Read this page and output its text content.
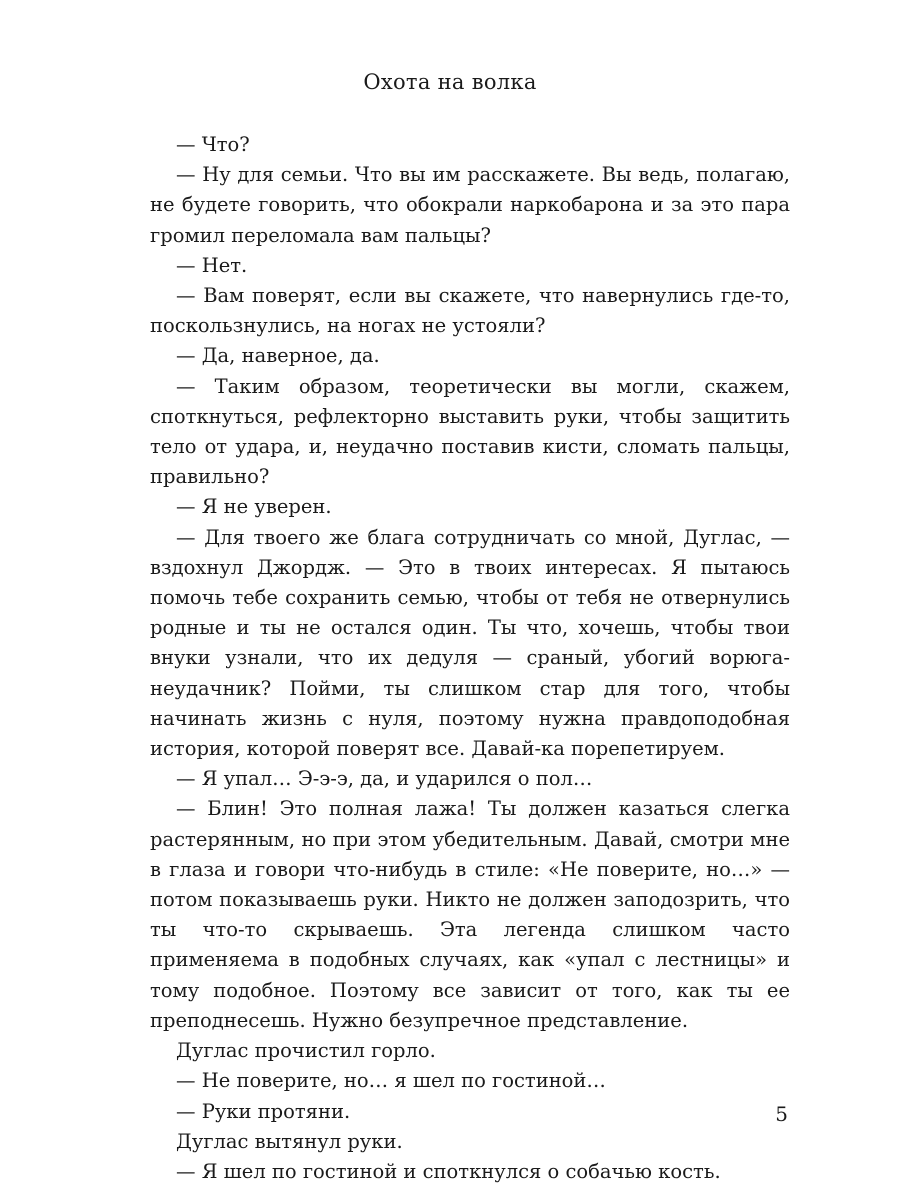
Охота на волка

— Что?

— Ну для семьи. Что вы им расскажете. Вы ведь, полагаю, не будете говорить, что обокрали наркобарона и за это пара громил переломала вам пальцы?

— Нет.

— Вам поверят, если вы скажете, что навернулись где-то, поскользнулись, на ногах не устояли?

— Да, наверное, да.

— Таким образом, теоретически вы могли, скажем, споткнуться, рефлекторно выставить руки, чтобы защитить тело от удара, и, неудачно поставив кисти, сломать пальцы, правильно?

— Я не уверен.

— Для твоего же блага сотрудничать со мной, Дуглас, — вздохнул Джордж. — Это в твоих интересах. Я пытаюсь помочь тебе сохранить семью, чтобы от тебя не отвернулись родные и ты не остался один. Ты что, хочешь, чтобы твои внуки узнали, что их дедуля — сраный, убогий ворюга-неудачник? Пойми, ты слишком стар для того, чтобы начинать жизнь с нуля, поэтому нужна правдоподобная история, которой поверят все. Давай-ка порепетируем.

— Я упал… Э-э-э, да, и ударился о пол…

— Блин! Это полная лажа! Ты должен казаться слегка растерянным, но при этом убедительным. Давай, смотри мне в глаза и говори что-нибудь в стиле: «Не поверите, но…» — потом показываешь руки. Никто не должен заподозрить, что ты что-то скрываешь. Эта легенда слишком часто применяема в подобных случаях, как «упал с лестницы» и тому подобное. Поэтому все зависит от того, как ты ее преподнесешь. Нужно безупречное представление.

Дуглас прочистил горло.

— Не поверите, но… я шел по гостиной…

— Руки протяни.

Дуглас вытянул руки.

— Я шел по гостиной и споткнулся о собачью кость.

5
